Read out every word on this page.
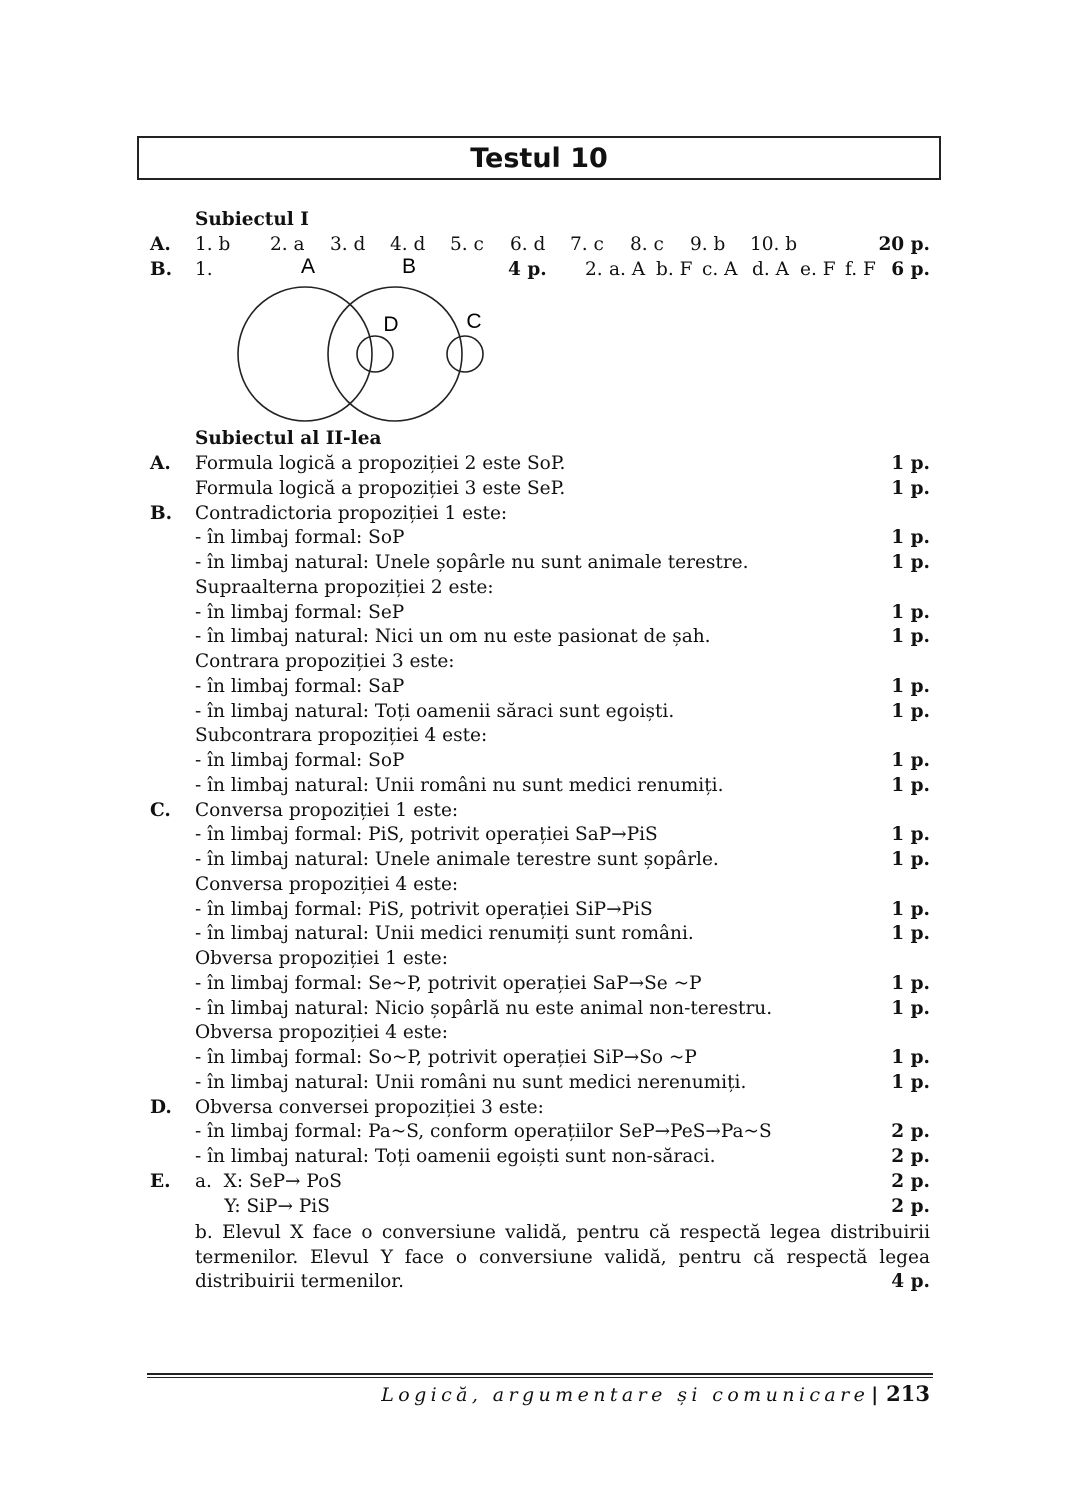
Testul 10
Subiectul I
A. 1. b 2. a 3. d 4. d 5. c 6. d 7. c 8. c 9. b 10. b	20 p.
B. 1.	4 p. 2. a. A b. F c. A d. A e. F f. F 6 p.
A	B
D	C
Subiectul al II-lea
A. Formula logică a propoziției 2 este SoP.	1 p.
Formula logică a propoziției 3 este SeP.	1 p.
B. Contradictoria propoziției 1 este:
- în limbaj formal: SoP	1 p.
- în limbaj natural: Unele șopârle nu sunt animale terestre.	1 p.
Supraalterna propoziției 2 este:
- în limbaj formal: SeP	1 p.
- în limbaj natural: Nici un om nu este pasionat de șah.	1 p.
Contrara propoziției 3 este:
- în limbaj formal: SaP	1 p.
- în limbaj natural: Toți oamenii săraci sunt egoiști.	1 p.
Subcontrara propoziției 4 este:
- în limbaj formal: SoP	1 p.
- în limbaj natural: Unii români nu sunt medici renumiți.	1 p.
C. Conversa propoziției 1 este:
- în limbaj formal: PiS, potrivit operației SaP→PiS	1 p.
- în limbaj natural: Unele animale terestre sunt șopârle.	1 p.
Conversa propoziției 4 este:
- în limbaj formal: PiS, potrivit operației SiP→PiS	1 p.
- în limbaj natural: Unii medici renumiți sunt români.	1 p.
Obversa propoziției 1 este:
- în limbaj formal: Se~P, potrivit operației SaP→Se ~P	1 p.
- în limbaj natural: Nicio șopârlă nu este animal non-terestru.	1 p.
Obversa propoziției 4 este:
- în limbaj formal: So~P, potrivit operației SiP→So ~P	1 p.
- în limbaj natural: Unii români nu sunt medici nerenumiți.	1 p.
D. Obversa conversei propoziției 3 este:
- în limbaj formal: Pa~S, conform operațiilor SeP→PeS→Pa~S	2 p.
- în limbaj natural: Toți oamenii egoiști sunt non-săraci.	2 p.
E. a.  X: SeP→ PoS	2 p.
Y: SiP→ PiS	2 p.
b. Elevul X face o conversiune validă, pentru că respectă legea distribuirii termenilor. Elevul Y face o conversiune validă, pentru că respectă legea distribuirii termenilor.	4 p.
Logică, argumentare și comunicare | 213
